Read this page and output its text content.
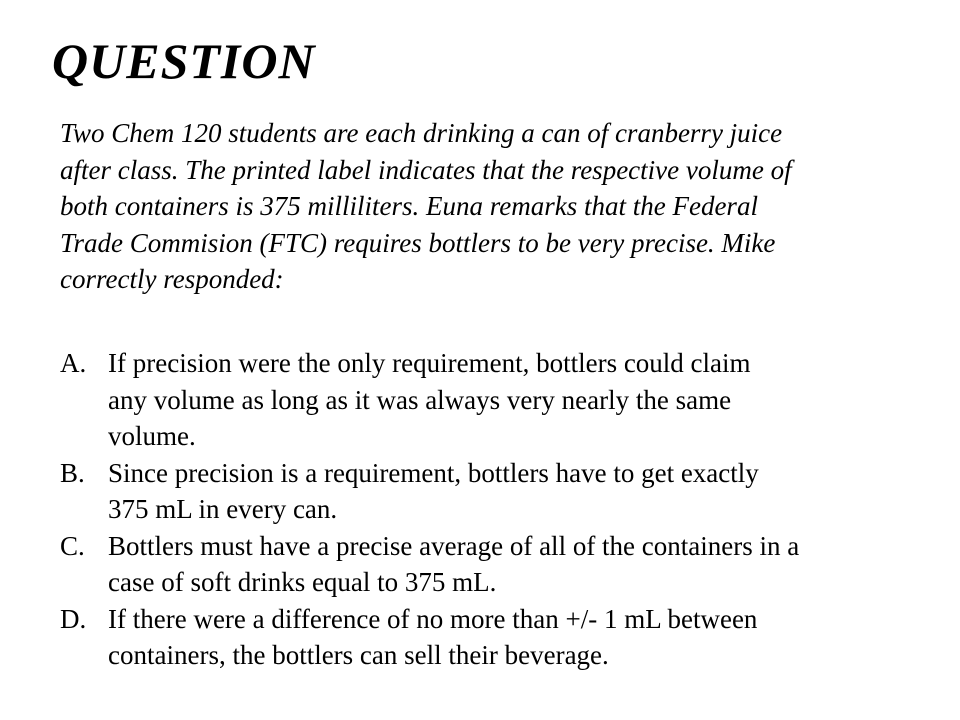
QUESTION
Two Chem 120 students are each drinking a can of cranberry juice
after class. The printed label indicates that the respective volume of
both containers is 375 milliliters. Euna remarks that the Federal
Trade Commision (FTC) requires bottlers to be very precise. Mike
correctly responded:
A. If precision were the only requirement, bottlers could claim
any volume as long as it was always very nearly the same
volume.
B. Since precision is a requirement, bottlers have to get exactly
375 mL in every can.
C. Bottlers must have a precise average of all of the containers in a
case of soft drinks equal to 375 mL.
D. If there were a difference of no more than +/- 1 mL between
containers, the bottlers can sell their beverage.
